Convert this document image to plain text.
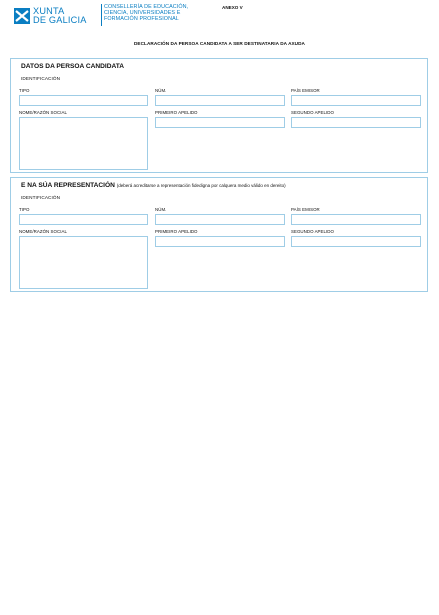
XUNTA
DE GALICIA
CONSELLERÍA DE EDUCACIÓN,
CIENCIA, UNIVERSIDADES E
FORMACIÓN PROFESIONAL
ANEXO V
DECLARACIÓN DA PERSOA CANDIDATA A SER DESTINATARIA DA AXUDA
DATOS DA PERSOA CANDIDATA
IDENTIFICACIÓN
TIPO	NÚM.	PAÍS EMISOR
NOME/RAZÓN SOCIAL	PRIMEIRO APELIDO	SEGUNDO APELIDO
E NA SÚA REPRESENTACIÓN (deberá acreditarse a representación fidedigna por calquera medio válido en dereito)
IDENTIFICACIÓN
TIPO	NÚM.	PAÍS EMISOR
NOME/RAZÓN SOCIAL	PRIMEIRO APELIDO	SEGUNDO APELIDO
